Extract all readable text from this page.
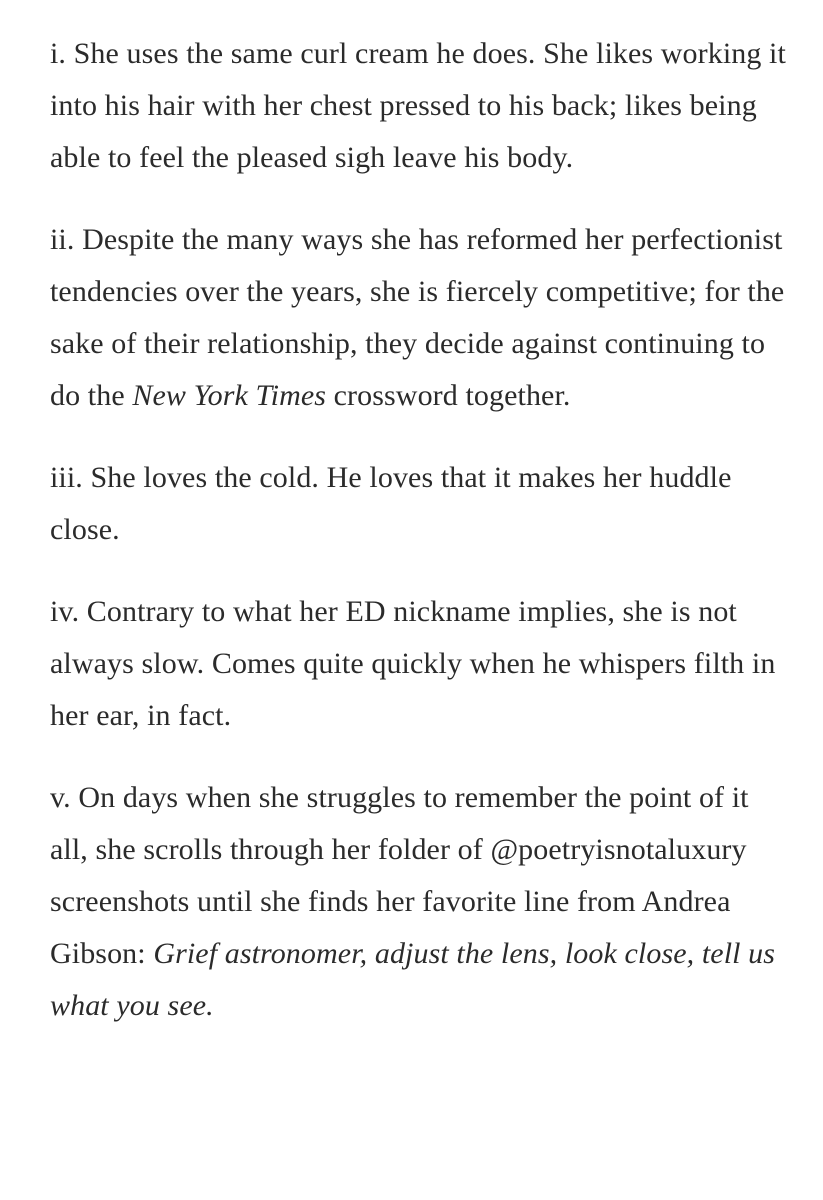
i. She uses the same curl cream he does. She likes working it into his hair with her chest pressed to his back; likes being able to feel the pleased sigh leave his body.

ii. Despite the many ways she has reformed her perfectionist tendencies over the years, she is fiercely competitive; for the sake of their relationship, they decide against continuing to do the New York Times crossword together.

iii. She loves the cold. He loves that it makes her huddle close.

iv. Contrary to what her ED nickname implies, she is not always slow. Comes quite quickly when he whispers filth in her ear, in fact.

v. On days when she struggles to remember the point of it all, she scrolls through her folder of @poetryisnotaluxury screenshots until she finds her favorite line from Andrea Gibson: Grief astronomer, adjust the lens, look close, tell us what you see.
